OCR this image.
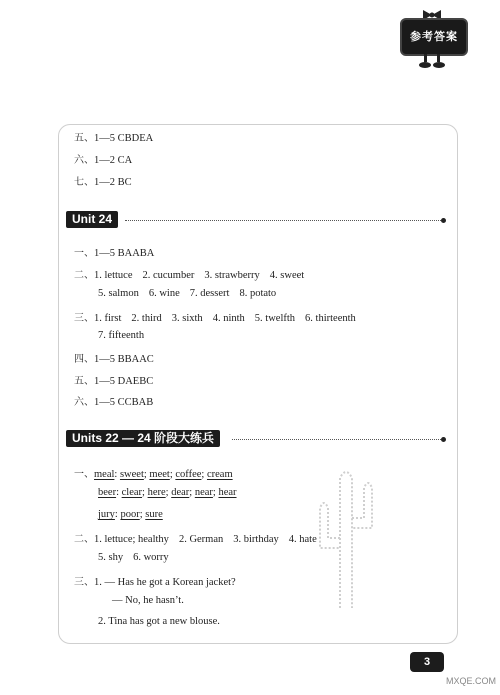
参考答案
五、1—5 CBDEA
六、1—2 CA
七、1—2 BC
Unit 24
一、1—5 BAABA
二、1. lettuce 2. cucumber 3. strawberry 4. sweet
5. salmon 6. wine 7. dessert 8. potato
三、1. first 2. third 3. sixth 4. ninth 5. twelfth 6. thirteenth
7. fifteenth
四、1—5 BBAAC
五、1—5 DAEBC
六、1—5 CCBAB
Units 22 — 24 阶段大练兵
一、meal: sweet; meet; coffee; cream
beer: clear; here; dear; near; hear
jury: poor; sure
二、1. lettuce; healthy 2. German 3. birthday 4. hate
5. shy 6. worry
三、1. — Has he got a Korean jacket?
— No, he hasn’t.
2. Tina has got a new blouse.
3
MXQE.COM
